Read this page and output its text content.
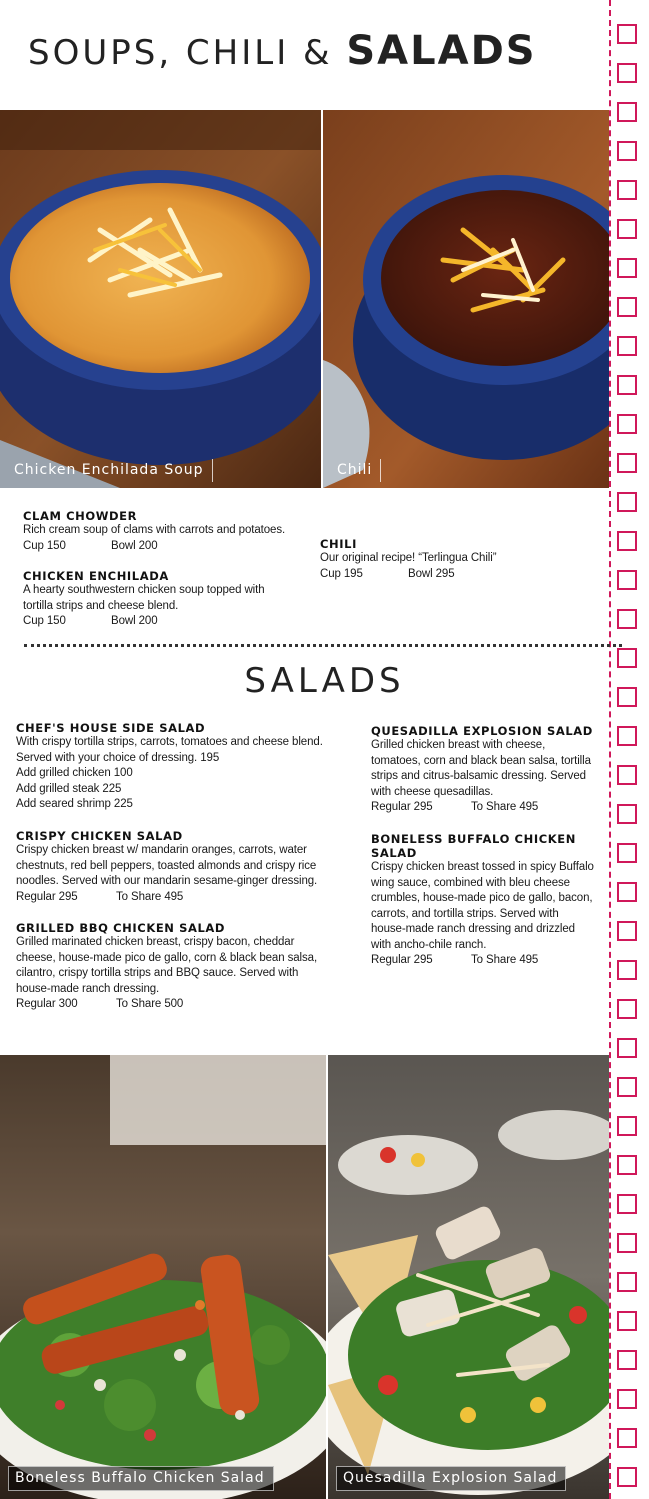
SOUPS, CHILI & SALADS
Chicken Enchilada Soup	Chili
CLAM CHOWDER
Rich cream soup of clams with carrots and potatoes.
Cup 150	Bowl 200
CHICKEN ENCHILADA
A hearty southwestern chicken soup topped with
tortilla strips and cheese blend.
Cup 150	Bowl 200
CHILI
Our original recipe! “Terlingua Chili”
Cup 195	Bowl 295
SALADS
CHEF'S HOUSE SIDE SALAD
With crispy tortilla strips, carrots, tomatoes and cheese blend.
Served with your choice of dressing. 195
Add grilled chicken 100
Add grilled steak 225
Add seared shrimp 225
CRISPY CHICKEN SALAD
Crispy chicken breast w/ mandarin oranges, carrots, water
chestnuts, red bell peppers, toasted almonds and crispy rice
noodles. Served with our mandarin sesame-ginger dressing.
Regular 295	To Share 495
GRILLED BBQ CHICKEN SALAD
Grilled marinated chicken breast, crispy bacon, cheddar
cheese, house-made pico de gallo, corn & black bean salsa,
cilantro, crispy tortilla strips and BBQ sauce. Served with
house-made ranch dressing.
Regular 300	To Share 500
QUESADILLA EXPLOSION SALAD
Grilled chicken breast with cheese,
tomatoes, corn and black bean salsa, tortilla
strips and citrus-balsamic dressing. Served
with cheese quesadillas.
Regular 295	To Share 495
BONELESS BUFFALO CHICKEN
SALAD
Crispy chicken breast tossed in spicy Buffalo
wing sauce, combined with bleu cheese
crumbles, house-made pico de gallo, bacon,
carrots, and tortilla strips. Served with
house-made ranch dressing and drizzled
with ancho-chile ranch.
Regular 295	To Share 495
Boneless Buffalo Chicken Salad	Quesadilla Explosion Salad
